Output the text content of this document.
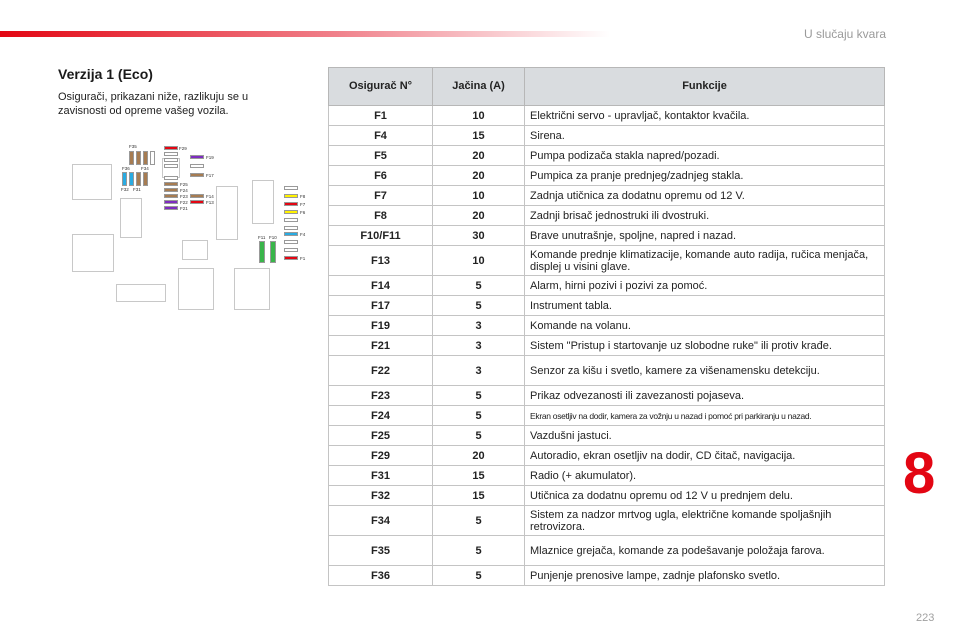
U slučaju kvara
Verzija 1 (Eco)
Osigurači, prikazani niže, razlikuju se u zavisnosti od opreme vašeg vozila.
F35
F36 F34
F32 F31
F29
F19
F17
F25
F24
F23	F14
F22	F13
F21
F8
F7
F6
F4
F1
F11 F10
Osigurač N°	Jačina (A)	Funkcije
F1	10	Električni servo - upravljač, kontaktor kvačila.
F4	15	Sirena.
F5	20	Pumpa podizača stakla napred/pozadi.
F6	20	Pumpica za pranje prednjeg/zadnjeg stakla.
F7	10	Zadnja utičnica za dodatnu opremu od 12 V.
F8	20	Zadnji brisač jednostruki ili dvostruki.
F10/F11	30	Brave unutrašnje, spoljne, napred i nazad.
F13	10	Komande prednje klimatizacije, komande auto radija, ručica menjača, displej u visini glave.
F14	5	Alarm, hirni pozivi i pozivi za pomoć.
F17	5	Instrument tabla.
F19	3	Komande na volanu.
F21	3	Sistem "Pristup i startovanje uz slobodne ruke" ili protiv krađe.
F22	3	Senzor za kišu i svetlo, kamere za višenamensku detekciju.
F23	5	Prikaz odvezanosti ili zavezanosti pojaseva.
F24	5	Ekran osetljiv na dodir, kamera za vožnju u nazad i pomoć pri parkiranju u nazad.
F25	5	Vazdušni jastuci.
F29	20	Autoradio, ekran osetljiv na dodir, CD čitač, navigacija.
F31	15	Radio (+ akumulator).
F32	15	Utičnica za dodatnu opremu od 12 V u prednjem delu.
F34	5	Sistem za nadzor mrtvog ugla, električne komande spoljašnjih retrovizora.
F35	5	Mlaznice grejača, komande za podešavanje položaja farova.
F36	5	Punjenje prenosive lampe, zadnje plafonsko svetlo.
8
223
